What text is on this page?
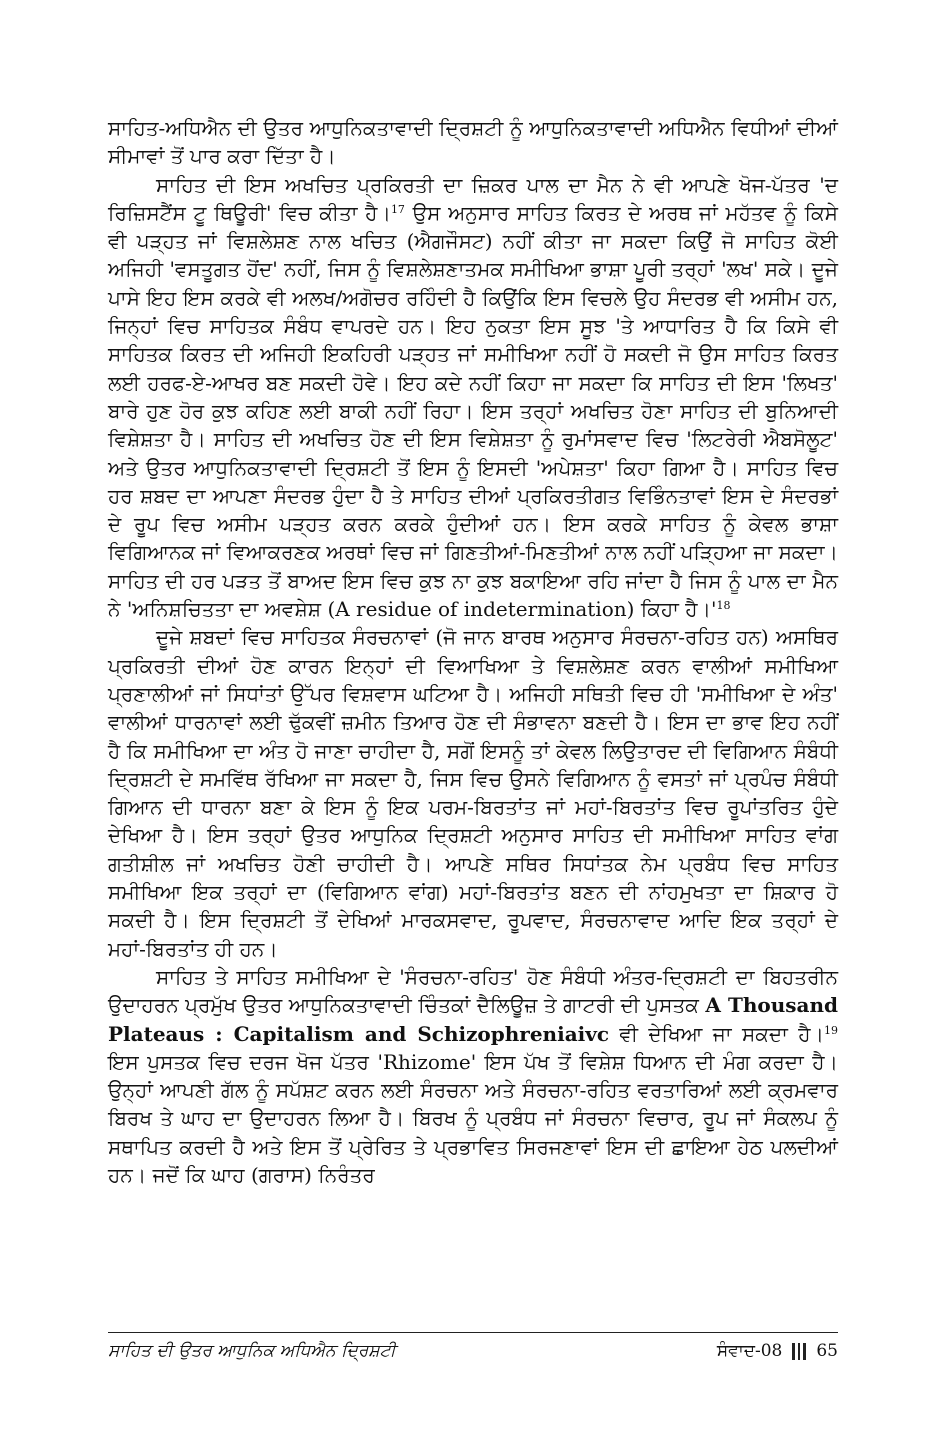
ਸਾਹਿਤ-ਅਧਿਐਨ ਦੀ ਉਤਰ ਆਧੁਨਿਕਤਾਵਾਦੀ ਦ੍ਰਿਸ਼ਟੀ ਨੂੰ ਆਧੁਨਿਕਤਾਵਾਦੀ ਅਧਿਐਨ ਵਿਧੀਆਂ ਦੀਆਂ ਸੀਮਾਵਾਂ ਤੋਂ ਪਾਰ ਕਰਾ ਦਿੱਤਾ ਹੈ।

ਸਾਹਿਤ ਦੀ ਇਸ ਅਖਚਿਤ ਪ੍ਰਕਿਰਤੀ ਦਾ ਜ਼ਿਕਰ ਪਾਲ ਦਾ ਮੈਨ ਨੇ ਵੀ ਆਪਣੇ ਖੋਜ-ਪੱਤਰ 'ਦ ਰਿਜ਼ਿਸਟੈਂਸ ਟੂ ਥਿਊਰੀ' ਵਿਚ ਕੀਤਾ ਹੈ।$^{17}$ ਉਸ ਅਨੁਸਾਰ ਸਾਹਿਤ ਕਿਰਤ ਦੇ ਅਰਥ ਜਾਂ ਮਹੱਤਵ ਨੂੰ ਕਿਸੇ ਵੀ ਪੜ੍ਹਤ ਜਾਂ ਵਿਸ਼ਲੇਸ਼ਣ ਨਾਲ ਖਚਿਤ (ਐਗਜੌਸਟ) ਨਹੀਂ ਕੀਤਾ ਜਾ ਸਕਦਾ ਕਿਉਂ ਜੋ ਸਾਹਿਤ ਕੋਈ ਅਜਿਹੀ 'ਵਸਤੂਗਤ ਹੋਂਦ' ਨਹੀਂ, ਜਿਸ ਨੂੰ ਵਿਸ਼ਲੇਸ਼ਣਾਤਮਕ ਸਮੀਖਿਆ ਭਾਸ਼ਾ ਪੂਰੀ ਤਰ੍ਹਾਂ 'ਲਖ' ਸਕੇ। ਦੂਜੇ ਪਾਸੇ ਇਹ ਇਸ ਕਰਕੇ ਵੀ ਅਲਖ/ਅਗੋਚਰ ਰਹਿੰਦੀ ਹੈ ਕਿਉਂਕਿ ਇਸ ਵਿਚਲੇ ਉਹ ਸੰਦਰਭ ਵੀ ਅਸੀਮ ਹਨ, ਜਿਨ੍ਹਾਂ ਵਿਚ ਸਾਹਿਤਕ ਸੰਬੰਧ ਵਾਪਰਦੇ ਹਨ। ਇਹ ਨੁਕਤਾ ਇਸ ਸੂਝ 'ਤੇ ਆਧਾਰਿਤ ਹੈ ਕਿ ਕਿਸੇ ਵੀ ਸਾਹਿਤਕ ਕਿਰਤ ਦੀ ਅਜਿਹੀ ਇਕਹਿਰੀ ਪੜ੍ਹਤ ਜਾਂ ਸਮੀਖਿਆ ਨਹੀਂ ਹੋ ਸਕਦੀ ਜੋ ਉਸ ਸਾਹਿਤ ਕਿਰਤ ਲਈ ਹਰਫ-ਏ-ਆਖਰ ਬਣ ਸਕਦੀ ਹੋਵੇ। ਇਹ ਕਦੇ ਨਹੀਂ ਕਿਹਾ ਜਾ ਸਕਦਾ ਕਿ ਸਾਹਿਤ ਦੀ ਇਸ 'ਲਿਖਤ' ਬਾਰੇ ਹੁਣ ਹੋਰ ਕੁਝ ਕਹਿਣ ਲਈ ਬਾਕੀ ਨਹੀਂ ਰਿਹਾ। ਇਸ ਤਰ੍ਹਾਂ ਅਖਚਿਤ ਹੋਣਾ ਸਾਹਿਤ ਦੀ ਬੁਨਿਆਦੀ ਵਿਸ਼ੇਸ਼ਤਾ ਹੈ। ਸਾਹਿਤ ਦੀ ਅਖਚਿਤ ਹੋਣ ਦੀ ਇਸ ਵਿਸ਼ੇਸ਼ਤਾ ਨੂੰ ਰੁਮਾਂਸਵਾਦ ਵਿਚ 'ਲਿਟਰੇਰੀ ਐਬਸੋਲੂਟ' ਅਤੇ ਉਤਰ ਆਧੁਨਿਕਤਾਵਾਦੀ ਦ੍ਰਿਸ਼ਟੀ ਤੋਂ ਇਸ ਨੂੰ ਇਸਦੀ 'ਅਪੇਸ਼ਤਾ' ਕਿਹਾ ਗਿਆ ਹੈ। ਸਾਹਿਤ ਵਿਚ ਹਰ ਸ਼ਬਦ ਦਾ ਆਪਣਾ ਸੰਦਰਭ ਹੁੰਦਾ ਹੈ ਤੇ ਸਾਹਿਤ ਦੀਆਂ ਪ੍ਰਕਿਰਤੀਗਤ ਵਿਭਿੰਨਤਾਵਾਂ ਇਸ ਦੇ ਸੰਦਰਭਾਂ ਦੇ ਰੂਪ ਵਿਚ ਅਸੀਮ ਪੜ੍ਹਤ ਕਰਨ ਕਰਕੇ ਹੁੰਦੀਆਂ ਹਨ। ਇਸ ਕਰਕੇ ਸਾਹਿਤ ਨੂੰ ਕੇਵਲ ਭਾਸ਼ਾ ਵਿਗਿਆਨਕ ਜਾਂ ਵਿਆਕਰਣਕ ਅਰਥਾਂ ਵਿਚ ਜਾਂ ਗਿਣਤੀਆਂ-ਮਿਣਤੀਆਂ ਨਾਲ ਨਹੀਂ ਪੜ੍ਹਿਆ ਜਾ ਸਕਦਾ। ਸਾਹਿਤ ਦੀ ਹਰ ਪੜਤ ਤੋਂ ਬਾਅਦ ਇਸ ਵਿਚ ਕੁਝ ਨਾ ਕੁਝ ਬਕਾਇਆ ਰਹਿ ਜਾਂਦਾ ਹੈ ਜਿਸ ਨੂੰ ਪਾਲ ਦਾ ਮੈਨ ਨੇ 'ਅਨਿਸ਼ਚਿਤਤਾ ਦਾ ਅਵਸ਼ੇਸ਼ (A residue of indetermination) ਕਿਹਾ $ਹੈ।'^{18}$

ਦੂਜੇ ਸ਼ਬਦਾਂ ਵਿਚ ਸਾਹਿਤਕ ਸੰਰਚਨਾਵਾਂ (ਜੋ ਜਾਨ ਬਾਰਥ ਅਨੁਸਾਰ ਸੰਰਚਨਾ-ਰਹਿਤ ਹਨ) ਅਸਥਿਰ ਪ੍ਰਕਿਰਤੀ ਦੀਆਂ ਹੋਣ ਕਾਰਨ ਇਨ੍ਹਾਂ ਦੀ ਵਿਆਖਿਆ ਤੇ ਵਿਸ਼ਲੇਸ਼ਣ ਕਰਨ ਵਾਲੀਆਂ ਸਮੀਖਿਆ ਪ੍ਰਣਾਲੀਆਂ ਜਾਂ ਸਿਧਾਂਤਾਂ ਉੱਪਰ ਵਿਸ਼ਵਾਸ ਘਟਿਆ ਹੈ। ਅਜਿਹੀ ਸਥਿਤੀ ਵਿਚ ਹੀ 'ਸਮੀਖਿਆ ਦੇ ਅੰਤ' ਵਾਲੀਆਂ ਧਾਰਨਾਵਾਂ ਲਈ ਢੁੱਕਵੀਂ ਜ਼ਮੀਨ ਤਿਆਰ ਹੋਣ ਦੀ ਸੰਭਾਵਨਾ ਬਣਦੀ ਹੈ। ਇਸ ਦਾ ਭਾਵ ਇਹ ਨਹੀਂ ਹੈ ਕਿ ਸਮੀਖਿਆ ਦਾ ਅੰਤ ਹੋ ਜਾਣਾ ਚਾਹੀਦਾ ਹੈ, ਸਗੋਂ ਇਸਨੂੰ ਤਾਂ ਕੇਵਲ ਲਿਉਤਾਰਦ ਦੀ ਵਿਗਿਆਨ ਸੰਬੰਧੀ ਦ੍ਰਿਸ਼ਟੀ ਦੇ ਸਮਵਿੱਥ ਰੱਖਿਆ ਜਾ ਸਕਦਾ ਹੈ, ਜਿਸ ਵਿਚ ਉਸਨੇ ਵਿਗਿਆਨ ਨੂੰ ਵਸਤਾਂ ਜਾਂ ਪ੍ਰਪੰਚ ਸੰਬੰਧੀ ਗਿਆਨ ਦੀ ਧਾਰਨਾ ਬਣਾ ਕੇ ਇਸ ਨੂੰ ਇਕ ਪਰਮ-ਬਿਰਤਾਂਤ ਜਾਂ ਮਹਾਂ-ਬਿਰਤਾਂਤ ਵਿਚ ਰੂਪਾਂਤਰਿਤ ਹੁੰਦੇ ਦੇਖਿਆ ਹੈ। ਇਸ ਤਰ੍ਹਾਂ ਉਤਰ ਆਧੁਨਿਕ ਦ੍ਰਿਸ਼ਟੀ ਅਨੁਸਾਰ ਸਾਹਿਤ ਦੀ ਸਮੀਖਿਆ ਸਾਹਿਤ ਵਾਂਗ ਗਤੀਸ਼ੀਲ ਜਾਂ ਅਖਚਿਤ ਹੋਣੀ ਚਾਹੀਦੀ ਹੈ। ਆਪਣੇ ਸਥਿਰ ਸਿਧਾਂਤਕ ਨੇਮ ਪ੍ਰਬੰਧ ਵਿਚ ਸਾਹਿਤ ਸਮੀਖਿਆ ਇਕ ਤਰ੍ਹਾਂ ਦਾ (ਵਿਗਿਆਨ ਵਾਂਗ) ਮਹਾਂ-ਬਿਰਤਾਂਤ ਬਣਨ ਦੀ ਨਾਂਹਮੁਖਤਾ ਦਾ ਸ਼ਿਕਾਰ ਹੋ ਸਕਦੀ ਹੈ। ਇਸ ਦ੍ਰਿਸ਼ਟੀ ਤੋਂ ਦੇਖਿਆਂ ਮਾਰਕਸਵਾਦ, ਰੂਪਵਾਦ, ਸੰਰਚਨਾਵਾਦ ਆਦਿ ਇਕ ਤਰ੍ਹਾਂ ਦੇ ਮਹਾਂ-ਬਿਰਤਾਂਤ ਹੀ ਹਨ।

ਸਾਹਿਤ ਤੇ ਸਾਹਿਤ ਸਮੀਖਿਆ ਦੇ 'ਸੰਰਚਨਾ-ਰਹਿਤ' ਹੋਣ ਸੰਬੰਧੀ ਅੰਤਰ-ਦ੍ਰਿਸ਼ਟੀ ਦਾ ਬਿਹਤਰੀਨ ਉਦਾਹਰਨ ਪ੍ਰਮੁੱਖ ਉਤਰ ਆਧੁਨਿਕਤਾਵਾਦੀ ਚਿੰਤਕਾਂ ਦੈਲਿਊਜ਼ ਤੇ ਗਾਟਰੀ ਦੀ ਪੁਸਤਕ A Thousand Plateaus : Capitalism and Schizophreniaivc ਵੀ ਦੇਖਿਆ ਜਾ ਸਕਦਾ ਹੈ।$^{19}$ ਇਸ ਪੁਸਤਕ ਵਿਚ ਦਰਜ ਖੋਜ ਪੱਤਰ 'Rhizome' ਇਸ ਪੱਖ ਤੋਂ ਵਿਸ਼ੇਸ਼ ਧਿਆਨ ਦੀ ਮੰਗ ਕਰਦਾ ਹੈ। ਉਨ੍ਹਾਂ ਆਪਣੀ ਗੱਲ ਨੂੰ ਸਪੱਸ਼ਟ ਕਰਨ ਲਈ ਸੰਰਚਨਾ ਅਤੇ ਸੰਰਚਨਾ-ਰਹਿਤ ਵਰਤਾਰਿਆਂ ਲਈ ਕ੍ਰਮਵਾਰ ਬਿਰਖ ਤੇ ਘਾਹ ਦਾ ਉਦਾਹਰਨ ਲਿਆ ਹੈ। ਬਿਰਖ ਨੂੰ ਪ੍ਰਬੰਧ ਜਾਂ ਸੰਰਚਨਾ ਵਿਚਾਰ, ਰੂਪ ਜਾਂ ਸੰਕਲਪ ਨੂੰ ਸਥਾਪਿਤ ਕਰਦੀ ਹੈ ਅਤੇ ਇਸ ਤੋਂ ਪ੍ਰੇਰਿਤ ਤੇ ਪ੍ਰਭਾਵਿਤ ਸਿਰਜਣਾਵਾਂ ਇਸ ਦੀ ਛਾਇਆ ਹੇਠ ਪਲਦੀਆਂ ਹਨ। ਜਦੋਂ ਕਿ ਘਾਹ (ਗਰਾਸ) ਨਿਰੰਤਰ

ਸਾਹਿਤ ਦੀ ਉਤਰ ਆਧੁਨਿਕ ਅਧਿਐਨ ਦ੍ਰਿਸ਼ਟੀ	ਸੰਵਾਦ-08 65
